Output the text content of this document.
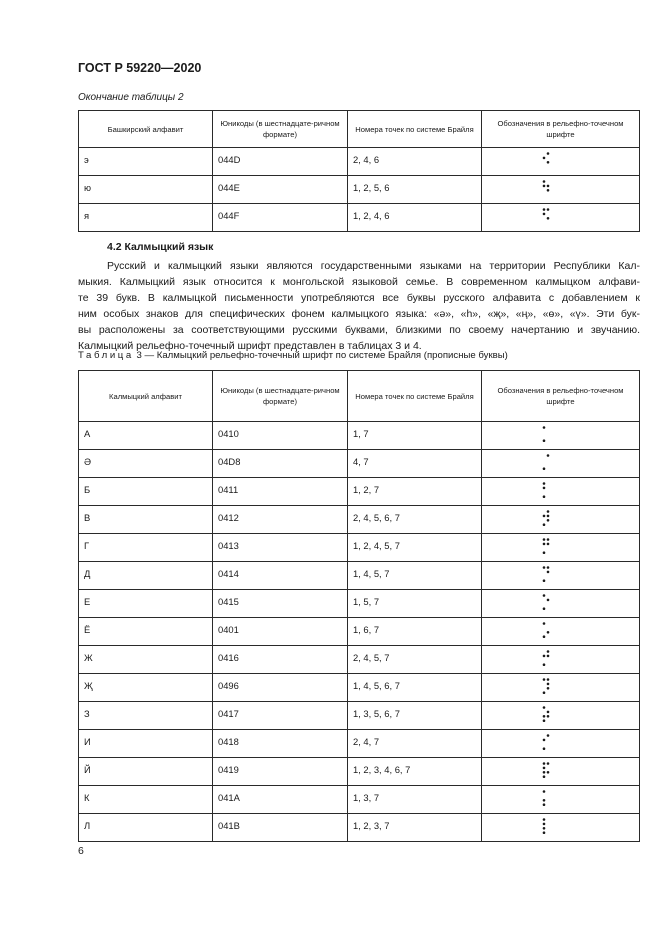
ГОСТ Р 59220—2020
Окончание таблицы 2
Башкирский алфавит	Юникоды (в шестнадцате-ричном формате)	Номера точек по системе Брайля	Обозначения в рельефно-точечном шрифте
э	044D	2, 4, 6	

ю	044E	1, 2, 5, 6	

я	044F	1, 2, 4, 6	
4.2 Калмыцкий язык
Русский и калмыцкий языки являются государственными языками на территории Республики Кал-
мыкия. Калмыцкий язык относится к монгольской языковой семье. В современном калмыцком алфави-
те 39 букв. В калмыцкой письменности употребляются все буквы русского алфавита с добавлением к
ним особых знаков для специфических фонем калмыцкого языка: «ә», «һ», «җ», «ң», «ө», «ү». Эти бук-
вы расположены за соответствующими русскими буквами, близкими по своему начертанию и звучанию.
Калмыцкий рельефно-точечный шрифт представлен в таблицах 3 и 4.
Таблица 3 — Калмыцкий рельефно-точечный шрифт по системе Брайля (прописные буквы)
Калмыцкий алфавит	Юникоды (в шестнадцате-ричном формате)	Номера точек по системе Брайля	Обозначения в рельефно-точечном шрифте
А	0410	1, 7	

Ә	04D8	4, 7	

Б	0411	1, 2, 7	

В	0412	2, 4, 5, 6, 7	

Г	0413	1, 2, 4, 5, 7	

Д	0414	1, 4, 5, 7	

Е	0415	1, 5, 7	

Ё	0401	1, 6, 7	

Ж	0416	2, 4, 5, 7	

Җ	0496	1, 4, 5, 6, 7	

З	0417	1, 3, 5, 6, 7	

И	0418	2, 4, 7	

Й	0419	1, 2, 3, 4, 6, 7	

К	041A	1, 3, 7	

Л	041B	1, 2, 3, 7	
6
